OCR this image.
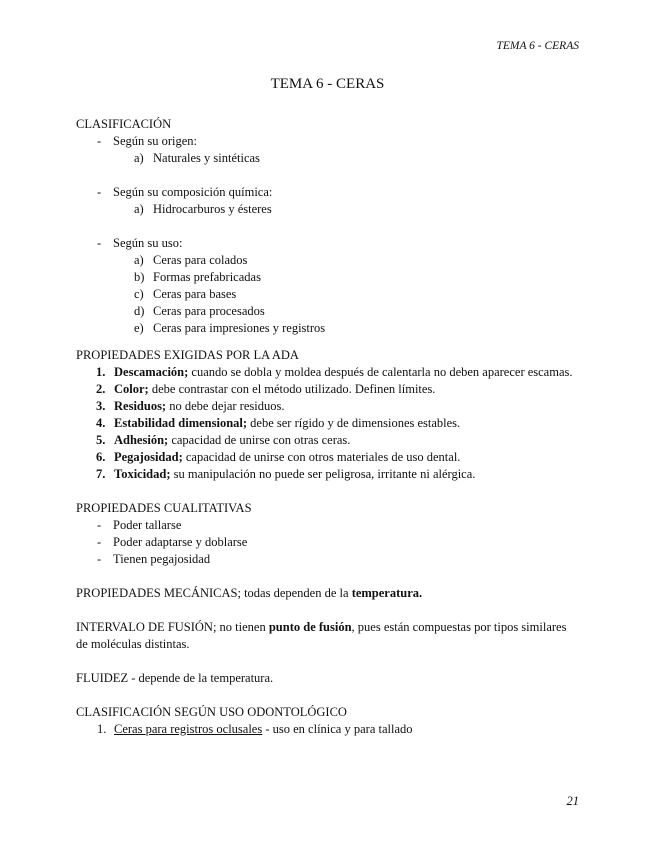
TEMA 6 - CERAS
TEMA 6 - CERAS
CLASIFICACIÓN
- Según su origen:
a) Naturales y sintéticas
- Según su composición química:
a) Hidrocarburos y ésteres
- Según su uso:
a) Ceras para colados
b) Formas prefabricadas
c) Ceras para bases
d) Ceras para procesados
e) Ceras para impresiones y registros
PROPIEDADES EXIGIDAS POR LA ADA
1. Descamación; cuando se dobla y moldea después de calentarla no deben aparecer escamas.
2. Color; debe contrastar con el método utilizado. Definen límites.
3. Residuos; no debe dejar residuos.
4. Estabilidad dimensional; debe ser rígido y de dimensiones estables.
5. Adhesión; capacidad de unirse con otras ceras.
6. Pegajosidad; capacidad de unirse con otros materiales de uso dental.
7. Toxicidad; su manipulación no puede ser peligrosa, irritante ni alérgica.
PROPIEDADES CUALITATIVAS
- Poder tallarse
- Poder adaptarse y doblarse
- Tienen pegajosidad
PROPIEDADES MECÁNICAS; todas dependen de la temperatura.
INTERVALO DE FUSIÓN; no tienen punto de fusión, pues están compuestas por tipos similares de moléculas distintas.
FLUIDEZ - depende de la temperatura.
CLASIFICACIÓN SEGÚN USO ODONTOLÓGICO
1. Ceras para registros oclusales - uso en clínica y para tallado
21
